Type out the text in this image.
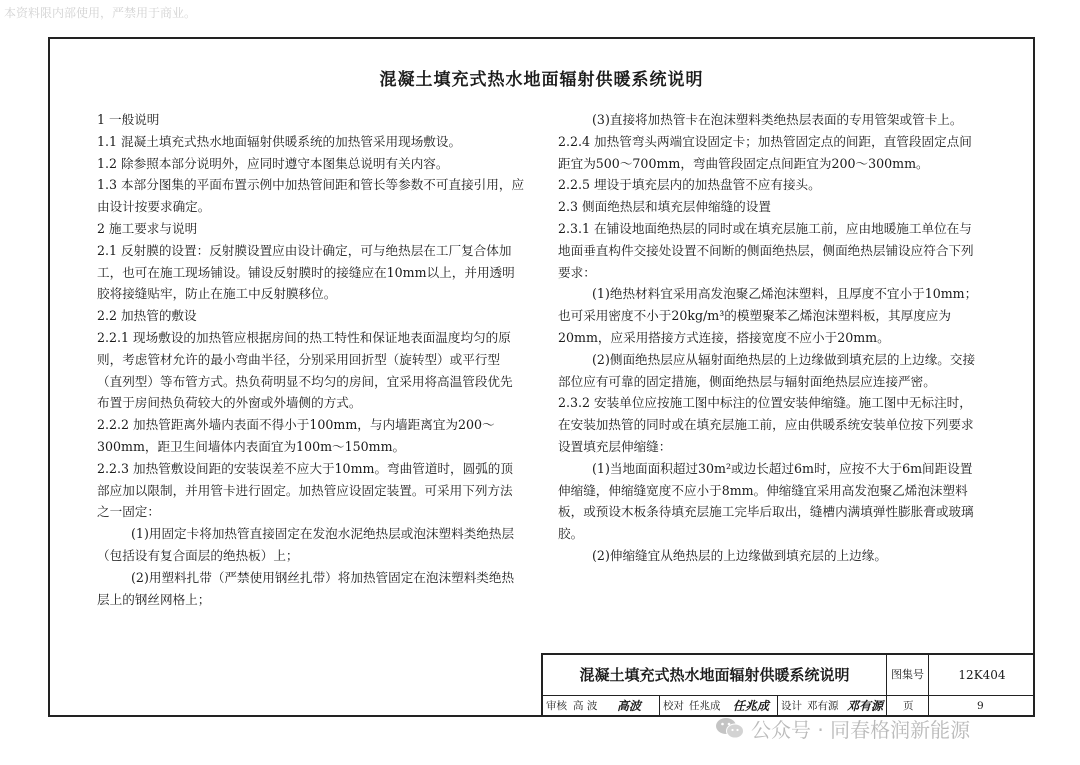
本资料限内部使用，严禁用于商业。
混凝土填充式热水地面辐射供暖系统说明

1 一般说明

1.1 混凝土填充式热水地面辐射供暖系统的加热管采用现场敷设。

1.2 除参照本部分说明外，应同时遵守本图集总说明有关内容。

1.3 本部分图集的平面布置示例中加热管间距和管长等参数不可直接引用，应由设计按要求确定。

2 施工要求与说明

2.1 反射膜的设置：反射膜设置应由设计确定，可与绝热层在工厂复合体加工，也可在施工现场铺设。铺设反射膜时的接缝应在10mm以上，并用透明胶将接缝贴牢，防止在施工中反射膜移位。

2.2 加热管的敷设

2.2.1 现场敷设的加热管应根据房间的热工特性和保证地表面温度均匀的原则，考虑管材允许的最小弯曲半径，分别采用回折型（旋转型）或平行型（直列型）等布管方式。热负荷明显不均匀的房间，宜采用将高温管段优先布置于房间热负荷较大的外窗或外墙侧的方式。

2.2.2 加热管距离外墙内表面不得小于100mm，与内墙距离宜为200～300mm，距卫生间墙体内表面宜为100m～150mm。

2.2.3 加热管敷设间距的安装误差不应大于10mm。弯曲管道时，圆弧的顶部应加以限制，并用管卡进行固定。加热管应设固定装置。可采用下列方法之一固定：

(1)用固定卡将加热管直接固定在发泡水泥绝热层或泡沫塑料类绝热层（包括设有复合面层的绝热板）上；

(2)用塑料扎带（严禁使用钢丝扎带）将加热管固定在泡沫塑料类绝热层上的钢丝网格上；

(3)直接将加热管卡在泡沫塑料类绝热层表面的专用管架或管卡上。

2.2.4 加热管弯头两端宜设固定卡；加热管固定点的间距，直管段固定点间距宜为500～700mm，弯曲管段固定点间距宜为200～300mm。

2.2.5 埋设于填充层内的加热盘管不应有接头。

2.3 侧面绝热层和填充层伸缩缝的设置

2.3.1 在铺设地面绝热层的同时或在填充层施工前，应由地暖施工单位在与地面垂直构件交接处设置不间断的侧面绝热层，侧面绝热层铺设应符合下列要求：

(1)绝热材料宜采用高发泡聚乙烯泡沫塑料，且厚度不宜小于10mm；也可采用密度不小于20kg/m³的模塑聚苯乙烯泡沫塑料板，其厚度应为20mm，应采用搭接方式连接，搭接宽度不应小于20mm。

(2)侧面绝热层应从辐射面绝热层的上边缘做到填充层的上边缘。交接部位应有可靠的固定措施，侧面绝热层与辐射面绝热层应连接严密。

2.3.2 安装单位应按施工图中标注的位置安装伸缩缝。施工图中无标注时，在安装加热管的同时或在填充层施工前，应由供暖系统安装单位按下列要求设置填充层伸缩缝：

(1)当地面面积超过30m²或边长超过6m时，应按不大于6m间距设置伸缩缝，伸缩缝宽度不应小于8mm。伸缩缝宜采用高发泡聚乙烯泡沫塑料板，或预设木板条待填充层施工完毕后取出，缝槽内满填弹性膨胀膏或玻璃胶。

(2)伸缩缝宜从绝热层的上边缘做到填充层的上边缘。

混凝土填充式热水地面辐射供暖系统说明	图集号	12K404
审核 高 波 高波 校对 任兆成 任兆成 设计 邓有源 邓有源 页	9
公众号 · 同春格润新能源
